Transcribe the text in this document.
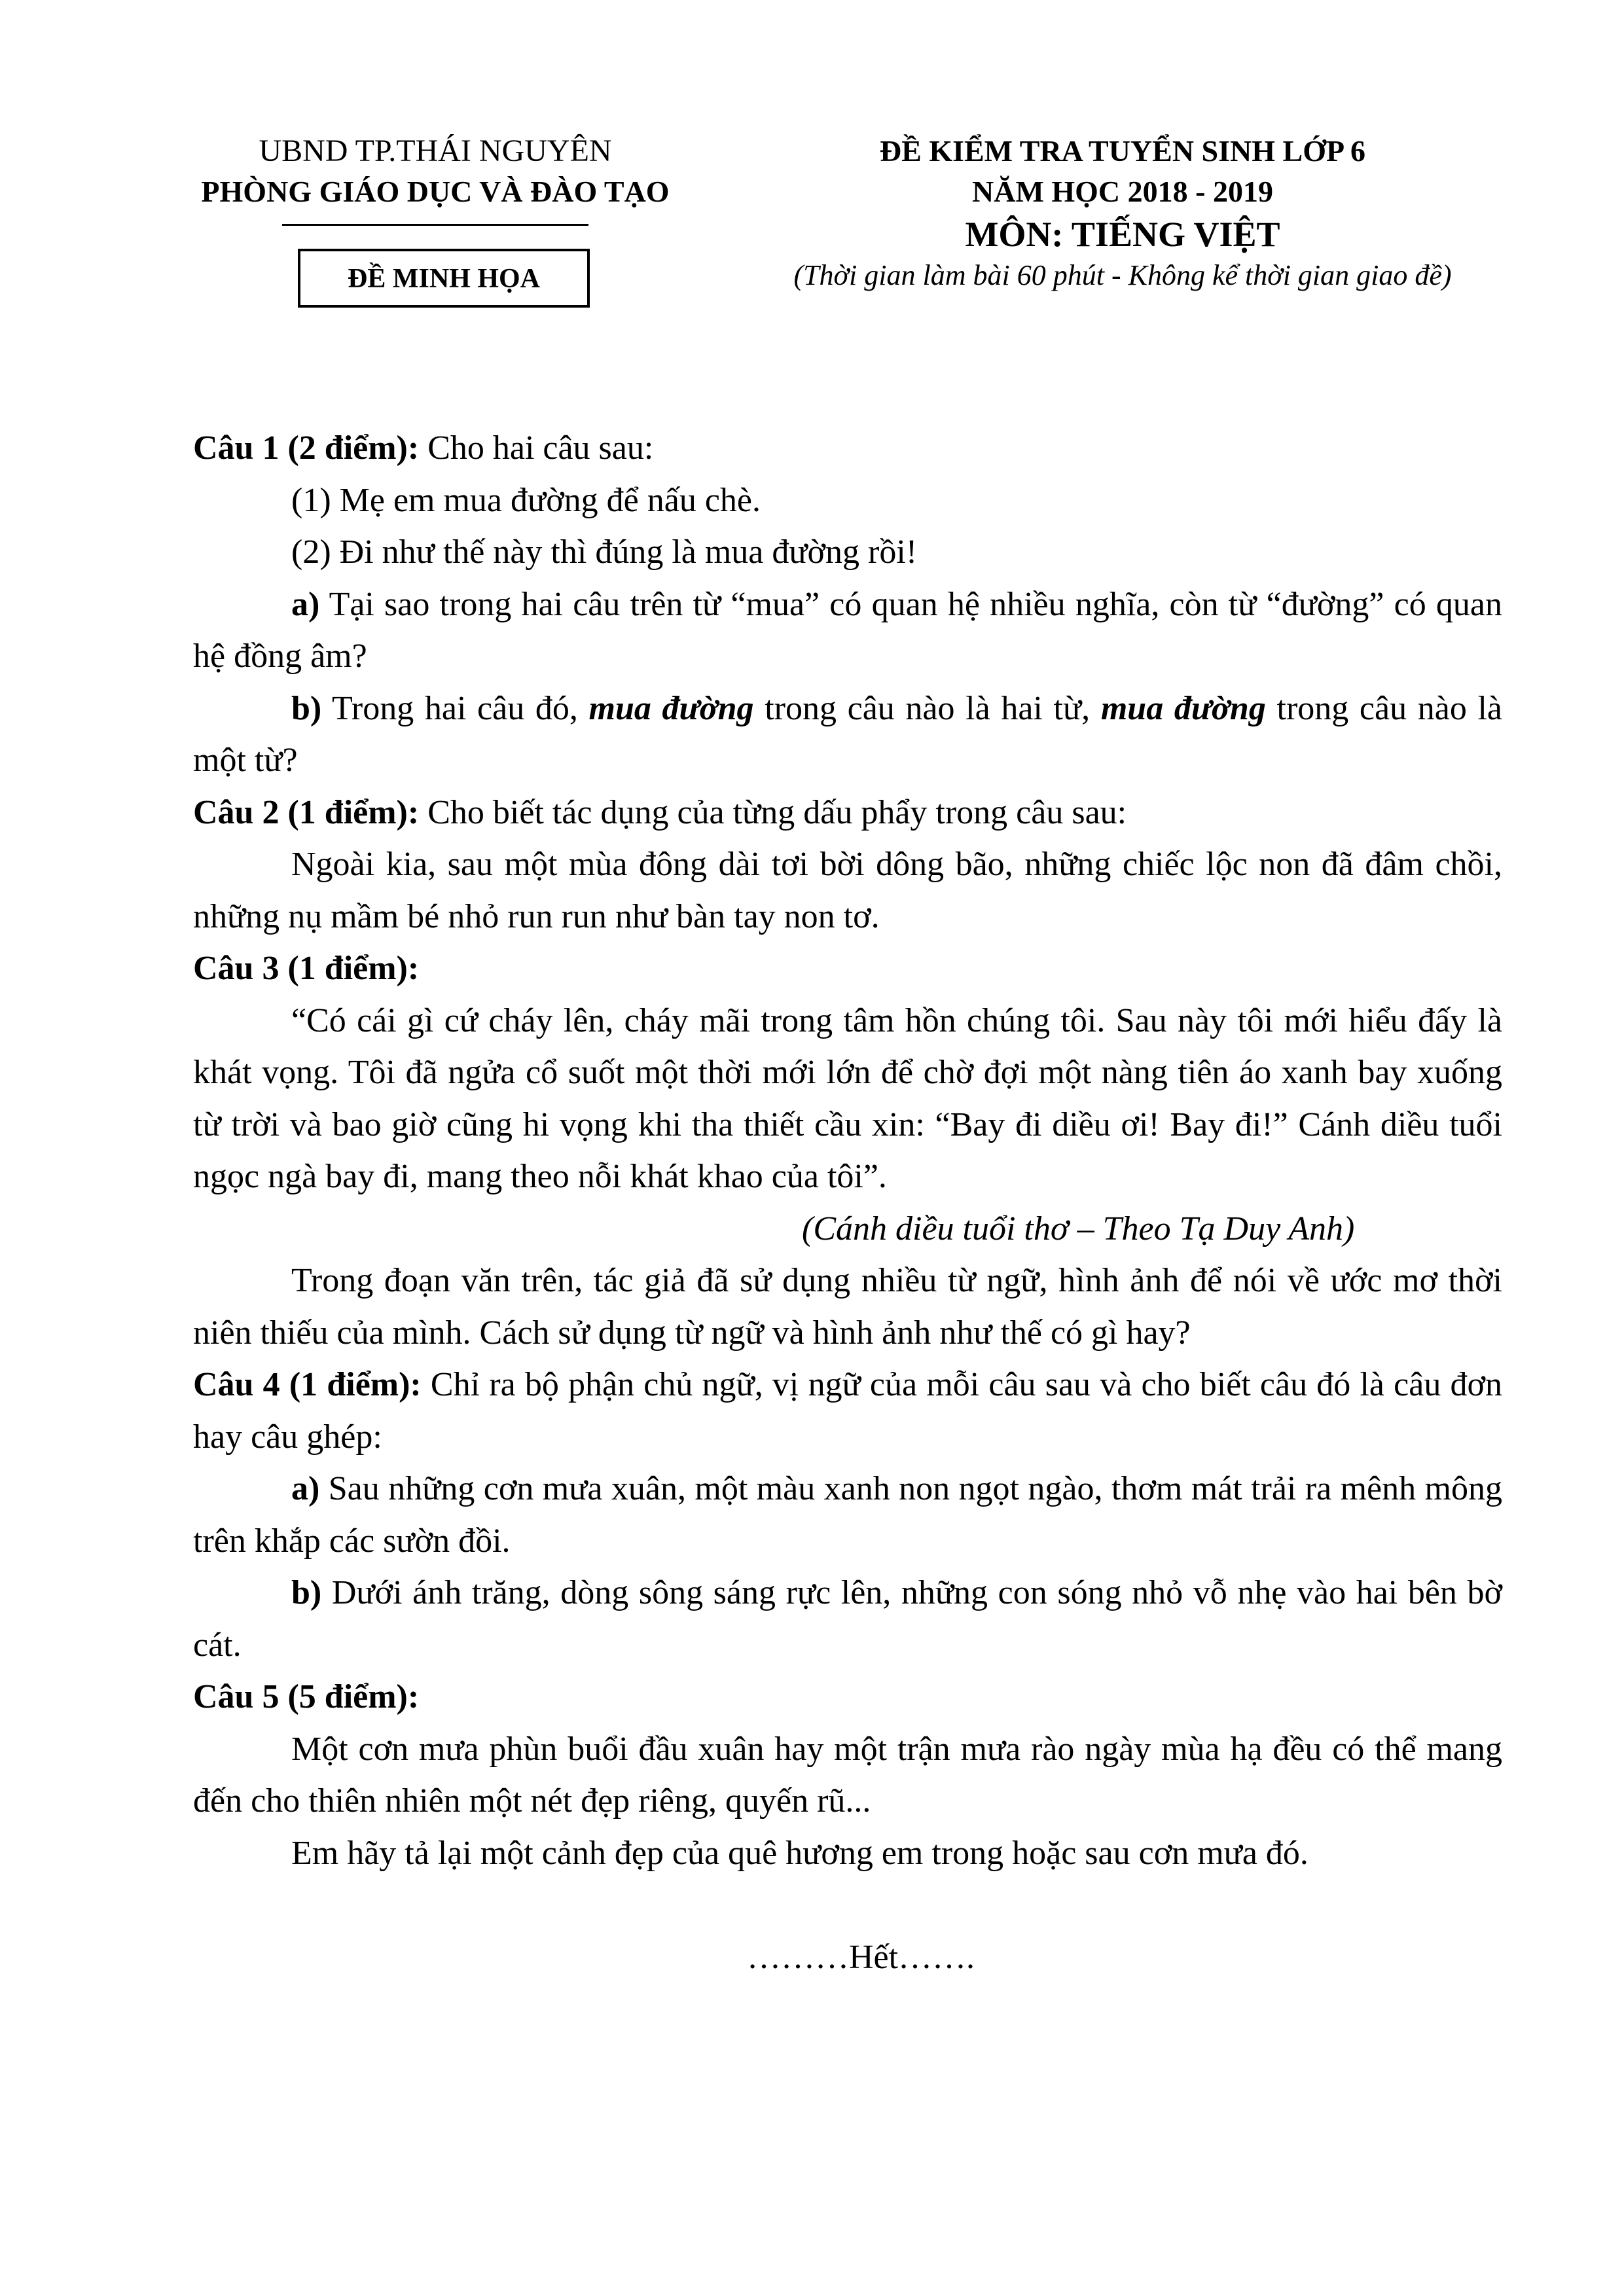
UBND TP.THÁI NGUYÊN
PHÒNG GIÁO DỤC VÀ ĐÀO TẠO
ĐỀ MINH HỌA
ĐỀ KIỂM TRA TUYỂN SINH LỚP 6
NĂM HỌC 2018 - 2019
MÔN: TIẾNG VIỆT
(Thời gian làm bài 60 phút - Không kể thời gian giao đề)

Câu 1 (2 điểm): Cho hai câu sau:

(1) Mẹ em mua đường để nấu chè.

(2) Đi như thế này thì đúng là mua đường rồi!

a) Tại sao trong hai câu trên từ “mua” có quan hệ nhiều nghĩa, còn từ “đường” có quan hệ đồng âm?

b) Trong hai câu đó, mua đường trong câu nào là hai từ, mua đường trong câu nào là một từ?

Câu 2 (1 điểm): Cho biết tác dụng của từng dấu phẩy trong câu sau:

Ngoài kia, sau một mùa đông dài tơi bời dông bão, những chiếc lộc non đã đâm chồi, những nụ mầm bé nhỏ run run như bàn tay non tơ.

Câu 3 (1 điểm):

“Có cái gì cứ cháy lên, cháy mãi trong tâm hồn chúng tôi. Sau này tôi mới hiểu đấy là khát vọng. Tôi đã ngửa cổ suốt một thời mới lớn để chờ đợi một nàng tiên áo xanh bay xuống từ trời và bao giờ cũng hi vọng khi tha thiết cầu xin: “Bay đi diều ơi! Bay đi!” Cánh diều tuổi ngọc ngà bay đi, mang theo nỗi khát khao của tôi”.

(Cánh diều tuổi thơ – Theo Tạ Duy Anh)

Trong đoạn văn trên, tác giả đã sử dụng nhiều từ ngữ, hình ảnh để nói về ước mơ thời niên thiếu của mình. Cách sử dụng từ ngữ và hình ảnh như thế có gì hay?

Câu 4 (1 điểm): Chỉ ra bộ phận chủ ngữ, vị ngữ của mỗi câu sau và cho biết câu đó là câu đơn hay câu ghép:

a) Sau những cơn mưa xuân, một màu xanh non ngọt ngào, thơm mát trải ra mênh mông trên khắp các sườn đồi.

b) Dưới ánh trăng, dòng sông sáng rực lên, những con sóng nhỏ vỗ nhẹ vào hai bên bờ cát.

Câu 5 (5 điểm):

Một cơn mưa phùn buổi đầu xuân hay một trận mưa rào ngày mùa hạ đều có thể mang đến cho thiên nhiên một nét đẹp riêng, quyến rũ...

Em hãy tả lại một cảnh đẹp của quê hương em trong hoặc sau cơn mưa đó.

………Hết…….
